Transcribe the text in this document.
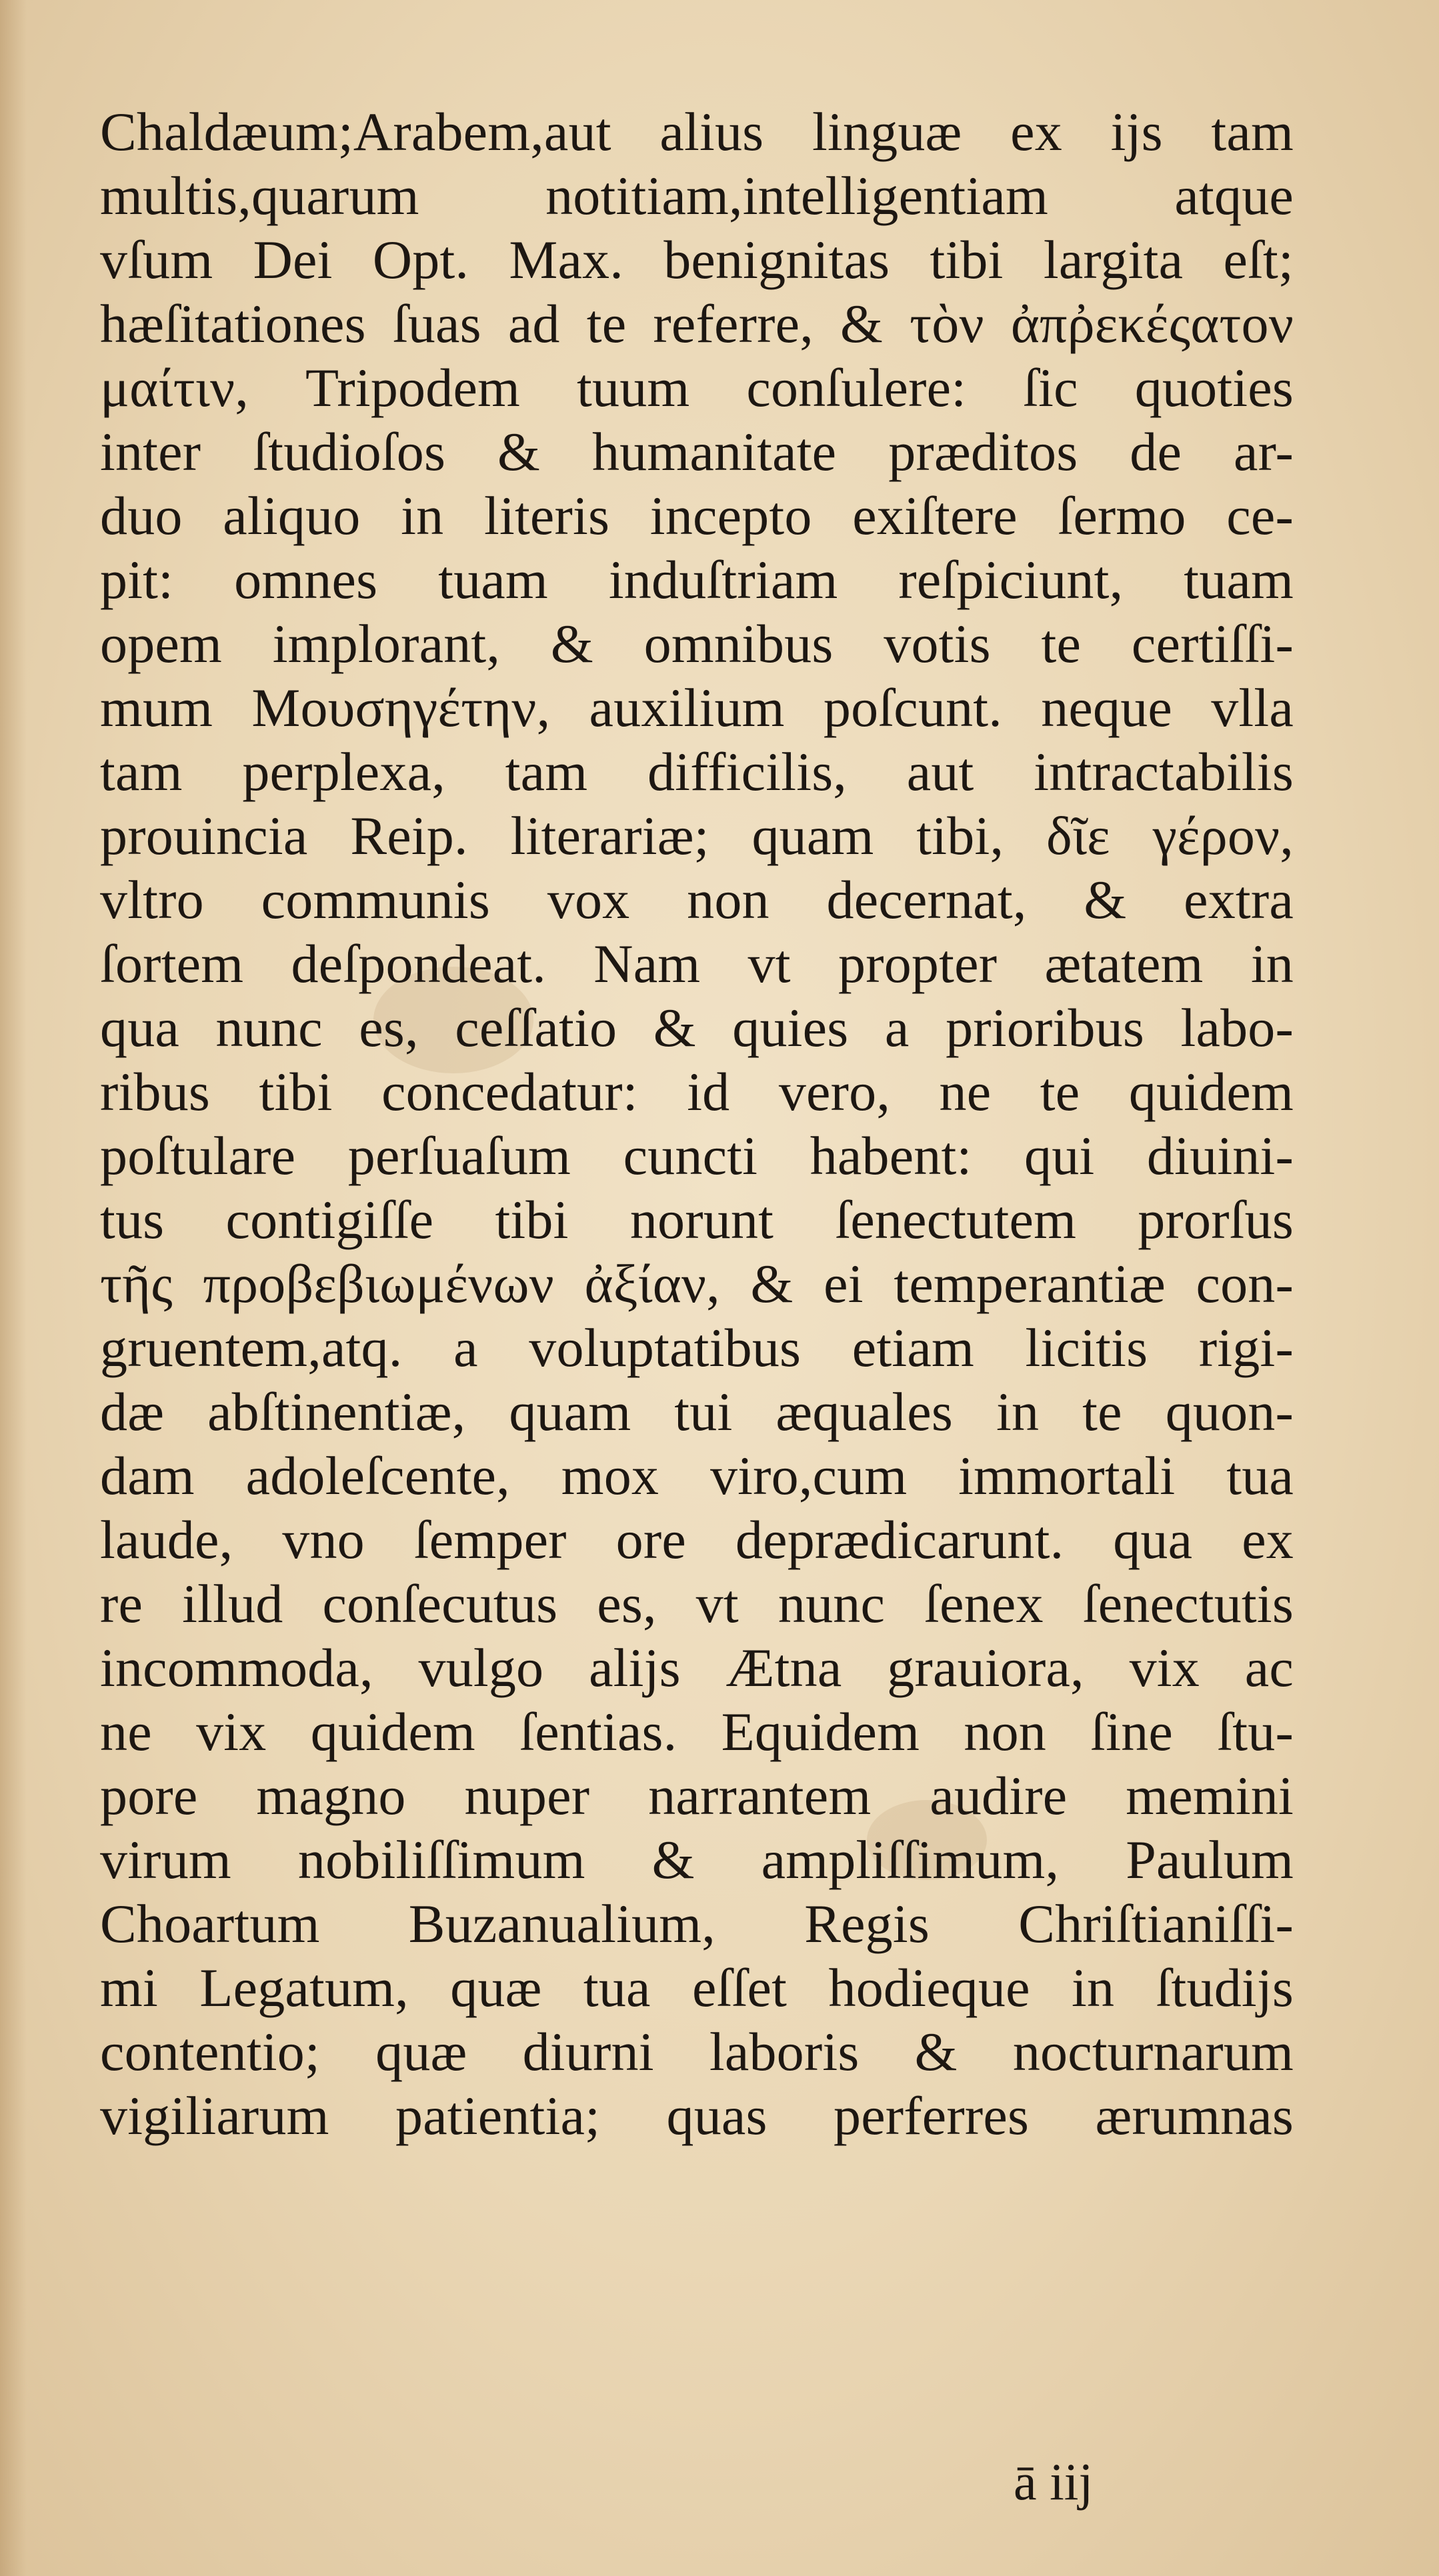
Chaldæum;Arabem,aut alius linguæ ex ijs tam
multis,quarum notitiam,intelligentiam atque
vſum Dei Opt. Max. benignitas tibi largita eſt;
hæſitationes ſuas ad te referre, & τὸν ἀπῤεκέςατον
μαίτιν, Tripodem tuum conſulere: ſic quoties
inter ſtudioſos & humanitate præditos de ar-
duo aliquo in literis incepto exiſtere ſermo ce-
pit: omnes tuam induſtriam reſpiciunt, tuam
opem implorant, & omnibus votis te certiſſi-
mum Μουσηγέτην, auxilium poſcunt. neque vlla
tam perplexa, tam difficilis, aut intractabilis
prouincia Reip. literariæ; quam tibi, δῖε γέρον,
vltro communis vox non decernat, & extra
ſortem deſpondeat. Nam vt propter ætatem in
qua nunc es, ceſſatio & quies a prioribus labo-
ribus tibi concedatur: id vero, ne te quidem
poſtulare perſuaſum cuncti habent: qui diuini-
tus contigiſſe tibi norunt ſenectutem prorſus
τῆς προβεβιωμένων ἀξίαν, & ei temperantiæ con-
gruentem,atq. a voluptatibus etiam licitis rigi-
dæ abſtinentiæ, quam tui æquales in te quon-
dam adoleſcente, mox viro,cum immortali tua
laude, vno ſemper ore deprædicarunt. qua ex
re illud conſecutus es, vt nunc ſenex ſenectutis
incommoda, vulgo alijs Ætna grauiora, vix ac
ne vix quidem ſentias. Equidem non ſine ſtu-
pore magno nuper narrantem audire memini
virum nobiliſſimum & ampliſſimum, Paulum
Choartum Buzanualium, Regis Chriſtianiſſi-
mi Legatum, quæ tua eſſet hodieque in ſtudijs
contentio; quæ diurni laboris & nocturnarum
vigiliarum patientia; quas perferres ærumnas
ā iij
